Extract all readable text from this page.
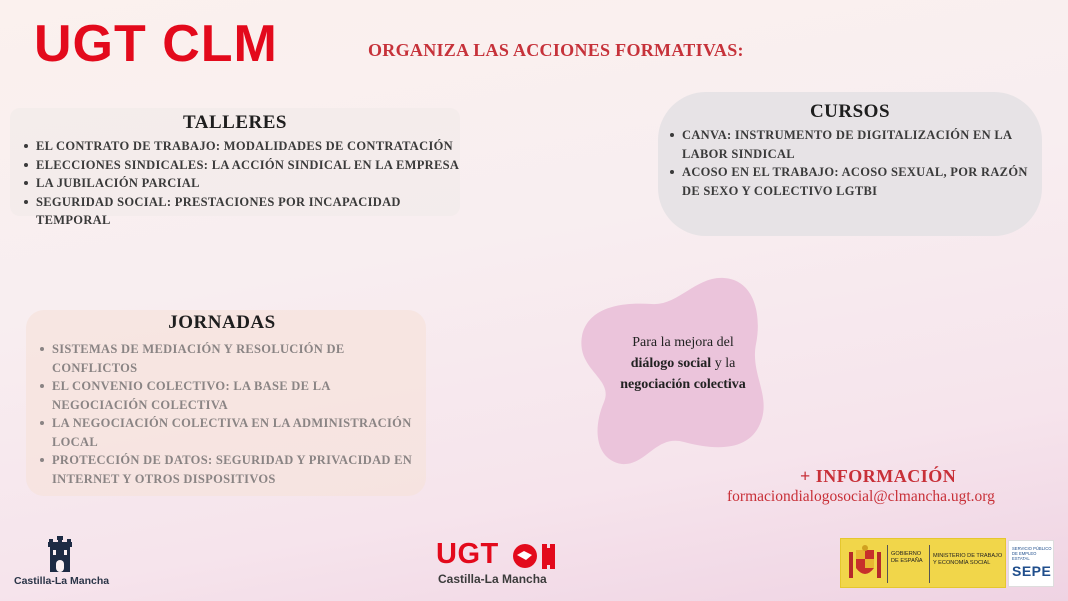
UGT CLM	ORGANIZA LAS ACCIONES FORMATIVAS:
TALLERES
EL CONTRATO DE TRABAJO: MODALIDADES DE CONTRATACIÓN
ELECCIONES SINDICALES: LA ACCIÓN SINDICAL EN LA EMPRESA
LA JUBILACIÓN PARCIAL
SEGURIDAD SOCIAL: PRESTACIONES POR INCAPACIDAD TEMPORAL
CURSOS
CANVA: INSTRUMENTO DE DIGITALIZACIÓN EN LA LABOR SINDICAL
ACOSO EN EL TRABAJO: ACOSO SEXUAL, POR RAZÓN DE SEXO Y COLECTIVO LGTBI
JORNADAS
SISTEMAS DE MEDIACIÓN Y RESOLUCIÓN DE CONFLICTOS
EL CONVENIO COLECTIVO: LA BASE DE LA NEGOCIACIÓN COLECTIVA
LA NEGOCIACIÓN COLECTIVA EN LA ADMINISTRACIÓN LOCAL
PROTECCIÓN DE DATOS: SEGURIDAD Y PRIVACIDAD EN INTERNET Y OTROS DISPOSITIVOS
Para la mejora del
diálogo social y la
negociación colectiva
+ INFORMACIÓN
formaciondialogosocial@clmancha.ugt.org
Castilla-La Mancha
UGT
Castilla-La Mancha
GOBIERNO DE ESPAÑA
MINISTERIO DE TRABAJO Y ECONOMÍA SOCIAL
SERVICIO PÚBLICO DE EMPLEO ESTATAL
SEPE
